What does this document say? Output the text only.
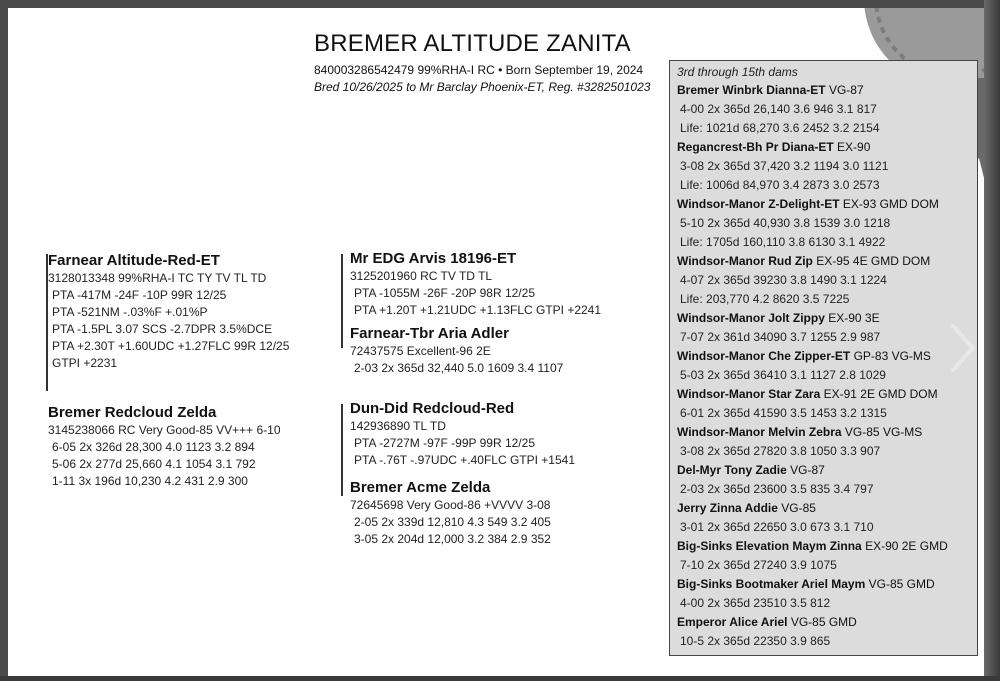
BREMER ALTITUDE ZANITA
840003286542479 99%RHA-I RC • Born September 19, 2024
Bred 10/26/2025 to Mr Barclay Phoenix-ET, Reg. #3282501023
Farnear Altitude-Red-ET
3128013348 99%RHA-I TC TY TV TL TD
PTA -417M -24F -10P 99R 12/25
PTA -521NM -.03%F +.01%P
PTA -1.5PL 3.07 SCS -2.7DPR 3.5%DCE
PTA +2.30T +1.60UDC +1.27FLC 99R 12/25
GTPI +2231
Bremer Redcloud Zelda
3145238066 RC Very Good-85 VV+++ 6-10
6-05 2x 326d 28,300 4.0 1123 3.2 894
5-06 2x 277d 25,660 4.1 1054 3.1 792
1-11 3x 196d 10,230 4.2 431 2.9 300
Mr EDG Arvis 18196-ET
3125201960 RC TV TD TL
PTA -1055M -26F -20P 98R 12/25
PTA +1.20T +1.21UDC +1.13FLC GTPI +2241
Farnear-Tbr Aria Adler
72437575 Excellent-96 2E
2-03 2x 365d 32,440 5.0 1609 3.4 1107
Dun-Did Redcloud-Red
142936890 TL TD
PTA -2727M -97F -99P 99R 12/25
PTA -.76T -.97UDC +.40FLC GTPI +1541
Bremer Acme Zelda
72645698 Very Good-86 +VVVV 3-08
2-05 2x 339d 12,810 4.3 549 3.2 405
3-05 2x 204d 12,000 3.2 384 2.9 352
3rd through 15th dams
Bremer Winbrk Dianna-ET VG-87
4-00 2x 365d 26,140 3.6 946 3.1 817
Life: 1021d 68,270 3.6 2452 3.2 2154
Regancrest-Bh Pr Diana-ET EX-90
3-08 2x 365d 37,420 3.2 1194 3.0 1121
Life: 1006d 84,970 3.4 2873 3.0 2573
Windsor-Manor Z-Delight-ET EX-93 GMD DOM
5-10 2x 365d 40,930 3.8 1539 3.0 1218
Life: 1705d 160,110 3.8 6130 3.1 4922
Windsor-Manor Rud Zip EX-95 4E GMD DOM
4-07 2x 365d 39230 3.8 1490 3.1 1224
Life: 203,770 4.2 8620 3.5 7225
Windsor-Manor Jolt Zippy EX-90 3E
7-07 2x 361d 34090 3.7 1255 2.9 987
Windsor-Manor Che Zipper-ET GP-83 VG-MS
5-03 2x 365d 36410 3.1 1127 2.8 1029
Windsor-Manor Star Zara EX-91 2E GMD DOM
6-01 2x 365d 41590 3.5 1453 3.2 1315
Windsor-Manor Melvin Zebra VG-85 VG-MS
3-08 2x 365d 27820 3.8 1050 3.3 907
Del-Myr Tony Zadie VG-87
2-03 2x 365d 23600 3.5 835 3.4 797
Jerry Zinna Addie VG-85
3-01 2x 365d 22650 3.0 673 3.1 710
Big-Sinks Elevation Maym Zinna EX-90 2E GMD
7-10 2x 365d 27240 3.9 1075
Big-Sinks Bootmaker Ariel Maym VG-85 GMD
4-00 2x 365d 23510 3.5 812
Emperor Alice Ariel VG-85 GMD
10-5 2x 365d 22350 3.9 865
